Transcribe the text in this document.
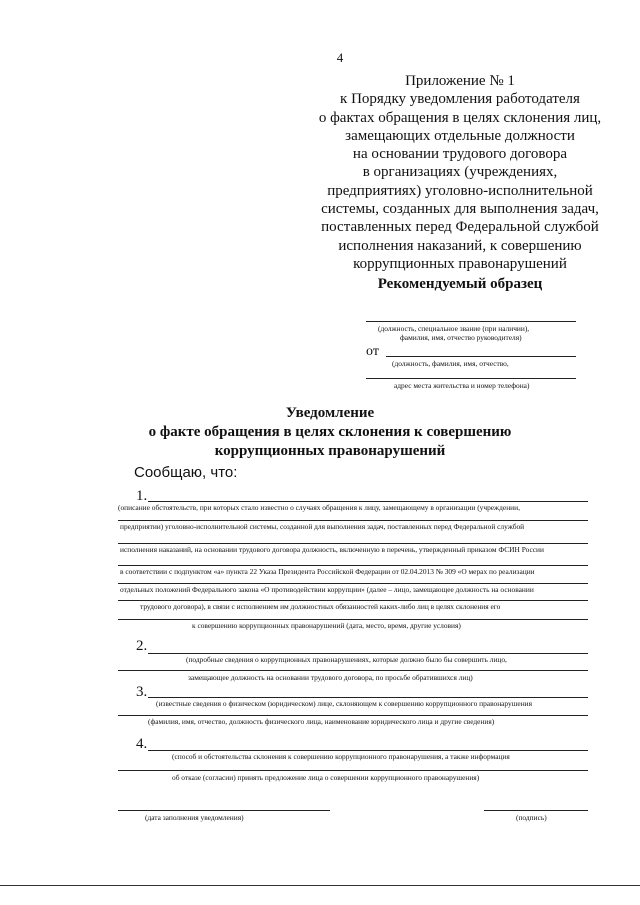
4
Приложение № 1
к Порядку уведомления работодателя
о фактах обращения в целях склонения лиц,
замещающих отдельные должности
на основании трудового договора
в организациях (учреждениях,
предприятиях) уголовно-исполнительной
системы, созданных для выполнения задач,
поставленных перед Федеральной службой
исполнения наказаний, к совершению
коррупционных правонарушений
Рекомендуемый образец
(должность, специальное звание (при наличии),
фамилия, имя, отчество руководителя)
от
(должность, фамилия, имя, отчество,
адрес места жительства и номер телефона)
Уведомление
о факте обращения в целях склонения к совершению
коррупционных правонарушений
Сообщаю, что:
1.
(описание обстоятельств, при которых стало известно о случаях обращения к лицу, замещающему в организации (учреждении,
предприятии) уголовно-исполнительной системы, созданной для выполнения задач, поставленных перед Федеральной службой
исполнения наказаний, на основании трудового договора должность, включенную в перечень, утвержденный приказом ФСИН России
в соответствии с подпунктом «а» пункта 22 Указа Президента Российской Федерации от 02.04.2013 № 309 «О мерах по реализации
отдельных положений Федерального закона «О противодействии коррупции» (далее – лицо, замещающее должность на основании
трудового договора), в связи с исполнением им должностных обязанностей каких-либо лиц в целях склонения его
к совершению коррупционных правонарушений (дата, место, время, другие условия)
2.
(подробные сведения о коррупционных правонарушениях, которые должно было бы совершить лицо,
замещающее должность на основании трудового договора, по просьбе обратившихся лиц)
3.
(известные сведения о физическом (юридическом) лице, склоняющем к совершению коррупционного правонарушения
(фамилия, имя, отчество, должность физического лица, наименование юридического лица и другие сведения)
4.
(способ и обстоятельства склонения к совершению коррупционного правонарушения, а также информация
об отказе (согласии) принять предложение лица о совершении коррупционного правонарушения)
(дата заполнения уведомления)	(подпись)
